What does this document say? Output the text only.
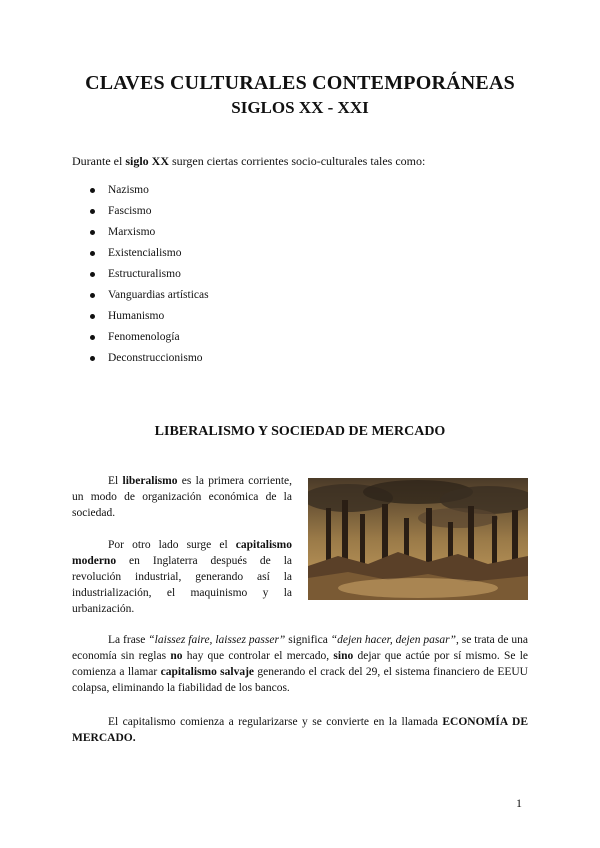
CLAVES CULTURALES CONTEMPORÁNEAS
SIGLOS XX - XXI
Durante el siglo XX surgen ciertas corrientes socio-culturales tales como:
Nazismo
Fascismo
Marxismo
Existencialismo
Estructuralismo
Vanguardias artísticas
Humanismo
Fenomenología
Deconstruccionismo
LIBERALISMO Y SOCIEDAD DE MERCADO
El liberalismo es la primera corriente, un modo de organización económica de la sociedad.
Por otro lado surge el capitalismo moderno en Inglaterra después de la revolución industrial, generando así la industrialización, el maquinismo y la urbanización.
La frase “laissez faire, laissez passer” significa “dejen hacer, dejen pasar”, se trata de una economía sin reglas no hay que controlar el mercado, sino dejar que actúe por sí mismo. Se le comienza a llamar capitalismo salvaje generando el crack del 29, el sistema financiero de EEUU colapsa, eliminando la fiabilidad de los bancos.
El capitalismo comienza a regularizarse y se convierte en la llamada ECONOMÍA DE MERCADO.
1
